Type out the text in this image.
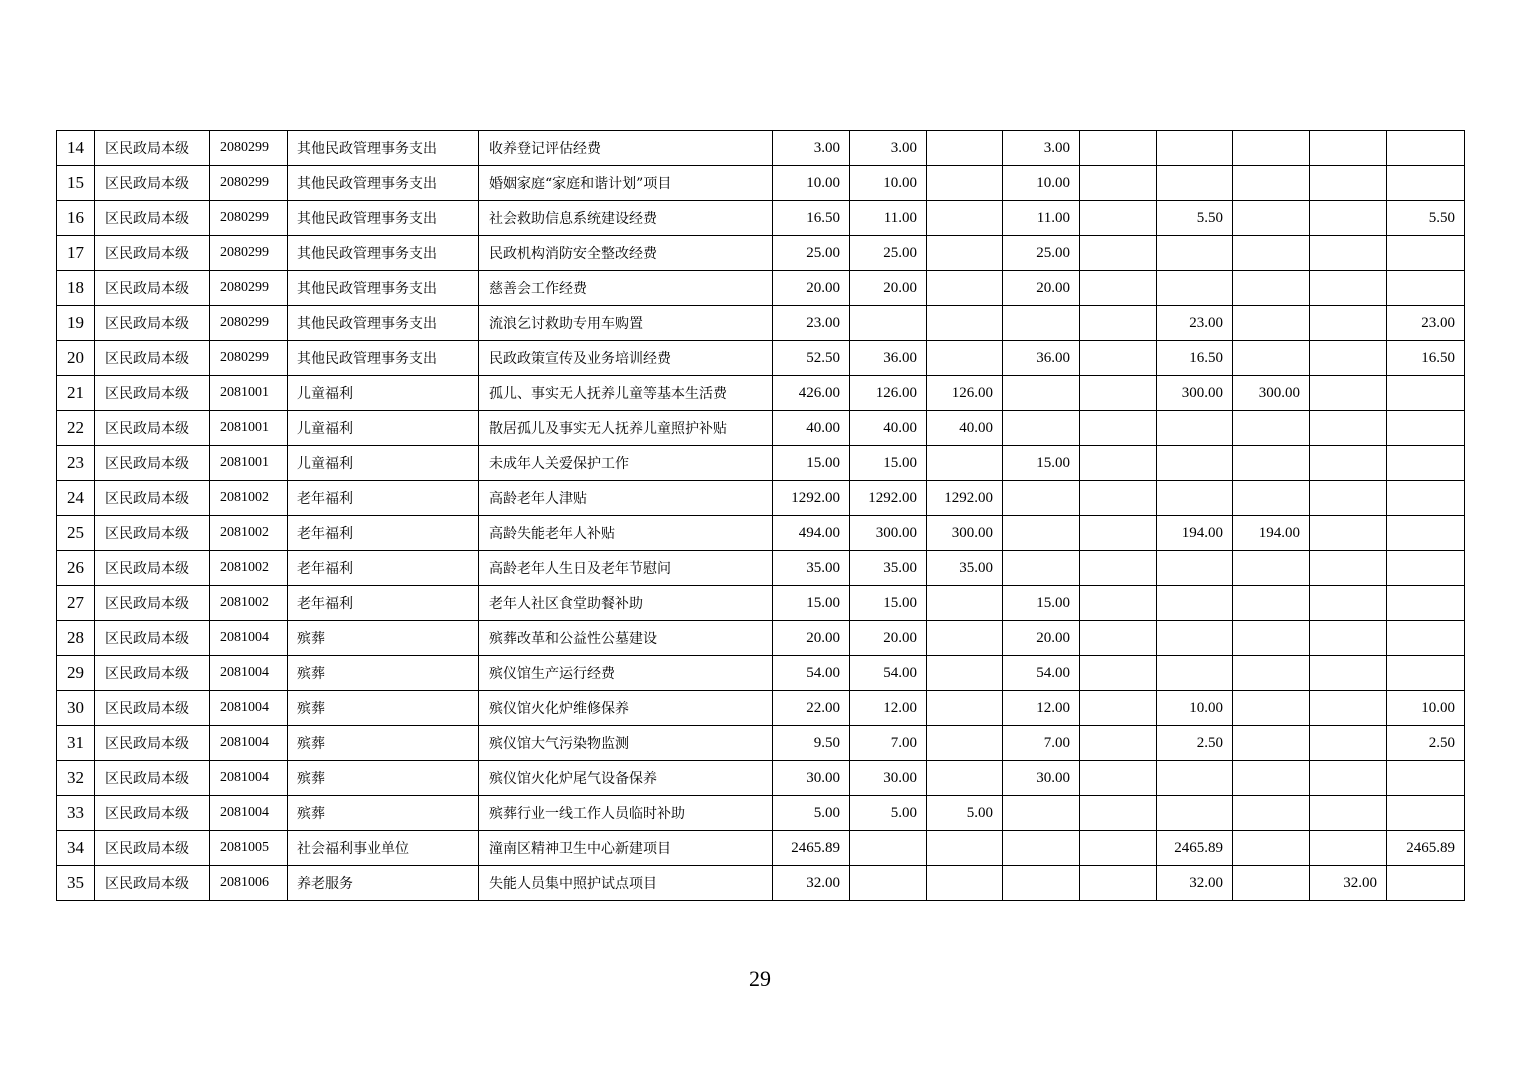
14	区民政局本级	2080299	其他民政管理事务支出	收养登记评估经费	3.00	3.00		3.00					
15	区民政局本级	2080299	其他民政管理事务支出	婚姻家庭“家庭和谐计划”项目	10.00	10.00		10.00					
16	区民政局本级	2080299	其他民政管理事务支出	社会救助信息系统建设经费	16.50	11.00		11.00		5.50			5.50
17	区民政局本级	2080299	其他民政管理事务支出	民政机构消防安全整改经费	25.00	25.00		25.00					
18	区民政局本级	2080299	其他民政管理事务支出	慈善会工作经费	20.00	20.00		20.00					
19	区民政局本级	2080299	其他民政管理事务支出	流浪乞讨救助专用车购置	23.00					23.00			23.00
20	区民政局本级	2080299	其他民政管理事务支出	民政政策宣传及业务培训经费	52.50	36.00		36.00		16.50			16.50
21	区民政局本级	2081001	儿童福利	孤儿、事实无人抚养儿童等基本生活费	426.00	126.00	126.00			300.00	300.00		
22	区民政局本级	2081001	儿童福利	散居孤儿及事实无人抚养儿童照护补贴	40.00	40.00	40.00						
23	区民政局本级	2081001	儿童福利	未成年人关爱保护工作	15.00	15.00		15.00					
24	区民政局本级	2081002	老年福利	高龄老年人津贴	1292.00	1292.00	1292.00						
25	区民政局本级	2081002	老年福利	高龄失能老年人补贴	494.00	300.00	300.00			194.00	194.00		
26	区民政局本级	2081002	老年福利	高龄老年人生日及老年节慰问	35.00	35.00	35.00						
27	区民政局本级	2081002	老年福利	老年人社区食堂助餐补助	15.00	15.00		15.00					
28	区民政局本级	2081004	殡葬	殡葬改革和公益性公墓建设	20.00	20.00		20.00					
29	区民政局本级	2081004	殡葬	殡仪馆生产运行经费	54.00	54.00		54.00					
30	区民政局本级	2081004	殡葬	殡仪馆火化炉维修保养	22.00	12.00		12.00		10.00			10.00
31	区民政局本级	2081004	殡葬	殡仪馆大气污染物监测	9.50	7.00		7.00		2.50			2.50
32	区民政局本级	2081004	殡葬	殡仪馆火化炉尾气设备保养	30.00	30.00		30.00					
33	区民政局本级	2081004	殡葬	殡葬行业一线工作人员临时补助	5.00	5.00	5.00						
34	区民政局本级	2081005	社会福利事业单位	潼南区精神卫生中心新建项目	2465.89					2465.89			2465.89
35	区民政局本级	2081006	养老服务	失能人员集中照护试点项目	32.00					32.00		32.00	
29
